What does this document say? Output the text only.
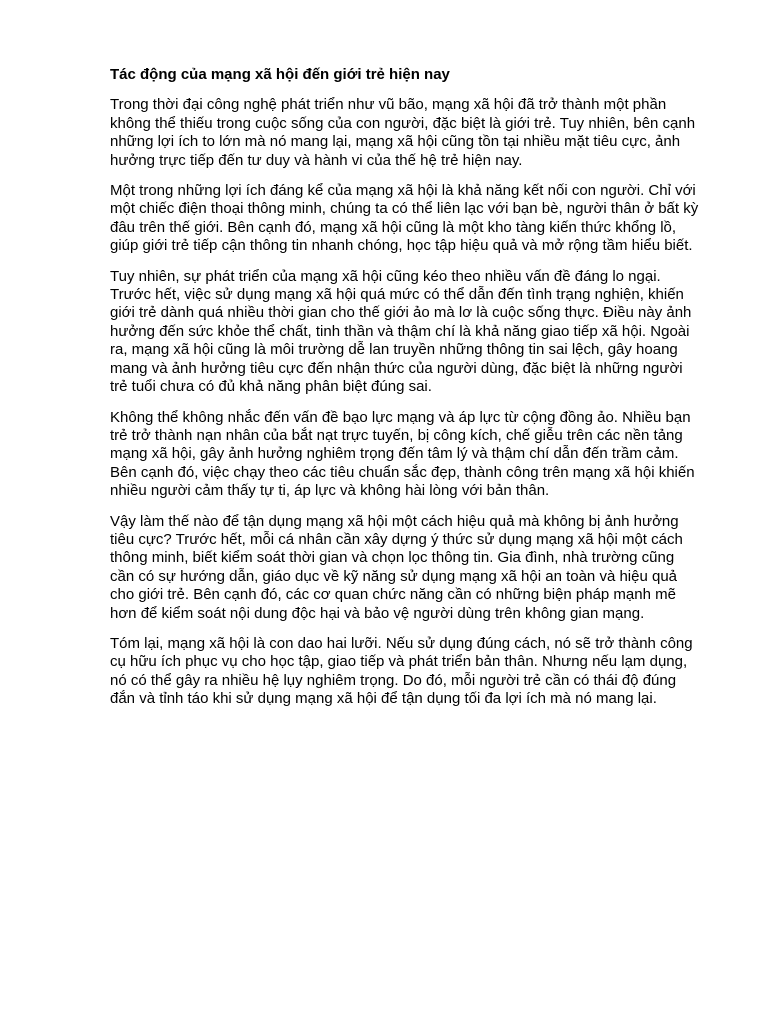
Tác động của mạng xã hội đến giới trẻ hiện nay

Trong thời đại công nghệ phát triển như vũ bão, mạng xã hội đã trở thành một phần không thể thiếu trong cuộc sống của con người, đặc biệt là giới trẻ. Tuy nhiên, bên cạnh những lợi ích to lớn mà nó mang lại, mạng xã hội cũng tồn tại nhiều mặt tiêu cực, ảnh hưởng trực tiếp đến tư duy và hành vi của thế hệ trẻ hiện nay.

Một trong những lợi ích đáng kể của mạng xã hội là khả năng kết nối con người. Chỉ với một chiếc điện thoại thông minh, chúng ta có thể liên lạc với bạn bè, người thân ở bất kỳ đâu trên thế giới. Bên cạnh đó, mạng xã hội cũng là một kho tàng kiến thức khổng lồ, giúp giới trẻ tiếp cận thông tin nhanh chóng, học tập hiệu quả và mở rộng tầm hiểu biết.

Tuy nhiên, sự phát triển của mạng xã hội cũng kéo theo nhiều vấn đề đáng lo ngại. Trước hết, việc sử dụng mạng xã hội quá mức có thể dẫn đến tình trạng nghiện, khiến giới trẻ dành quá nhiều thời gian cho thế giới ảo mà lơ là cuộc sống thực. Điều này ảnh hưởng đến sức khỏe thể chất, tinh thần và thậm chí là khả năng giao tiếp xã hội. Ngoài ra, mạng xã hội cũng là môi trường dễ lan truyền những thông tin sai lệch, gây hoang mang và ảnh hưởng tiêu cực đến nhận thức của người dùng, đặc biệt là những người trẻ tuổi chưa có đủ khả năng phân biệt đúng sai.

Không thể không nhắc đến vấn đề bạo lực mạng và áp lực từ cộng đồng ảo. Nhiều bạn trẻ trở thành nạn nhân của bắt nạt trực tuyến, bị công kích, chế giễu trên các nền tảng mạng xã hội, gây ảnh hưởng nghiêm trọng đến tâm lý và thậm chí dẫn đến trầm cảm. Bên cạnh đó, việc chạy theo các tiêu chuẩn sắc đẹp, thành công trên mạng xã hội khiến nhiều người cảm thấy tự ti, áp lực và không hài lòng với bản thân.

Vậy làm thế nào để tận dụng mạng xã hội một cách hiệu quả mà không bị ảnh hưởng tiêu cực? Trước hết, mỗi cá nhân cần xây dựng ý thức sử dụng mạng xã hội một cách thông minh, biết kiểm soát thời gian và chọn lọc thông tin. Gia đình, nhà trường cũng cần có sự hướng dẫn, giáo dục về kỹ năng sử dụng mạng xã hội an toàn và hiệu quả cho giới trẻ. Bên cạnh đó, các cơ quan chức năng cần có những biện pháp mạnh mẽ hơn để kiểm soát nội dung độc hại và bảo vệ người dùng trên không gian mạng.

Tóm lại, mạng xã hội là con dao hai lưỡi. Nếu sử dụng đúng cách, nó sẽ trở thành công cụ hữu ích phục vụ cho học tập, giao tiếp và phát triển bản thân. Nhưng nếu lạm dụng, nó có thể gây ra nhiều hệ lụy nghiêm trọng. Do đó, mỗi người trẻ cần có thái độ đúng đắn và tỉnh táo khi sử dụng mạng xã hội để tận dụng tối đa lợi ích mà nó mang lại.
